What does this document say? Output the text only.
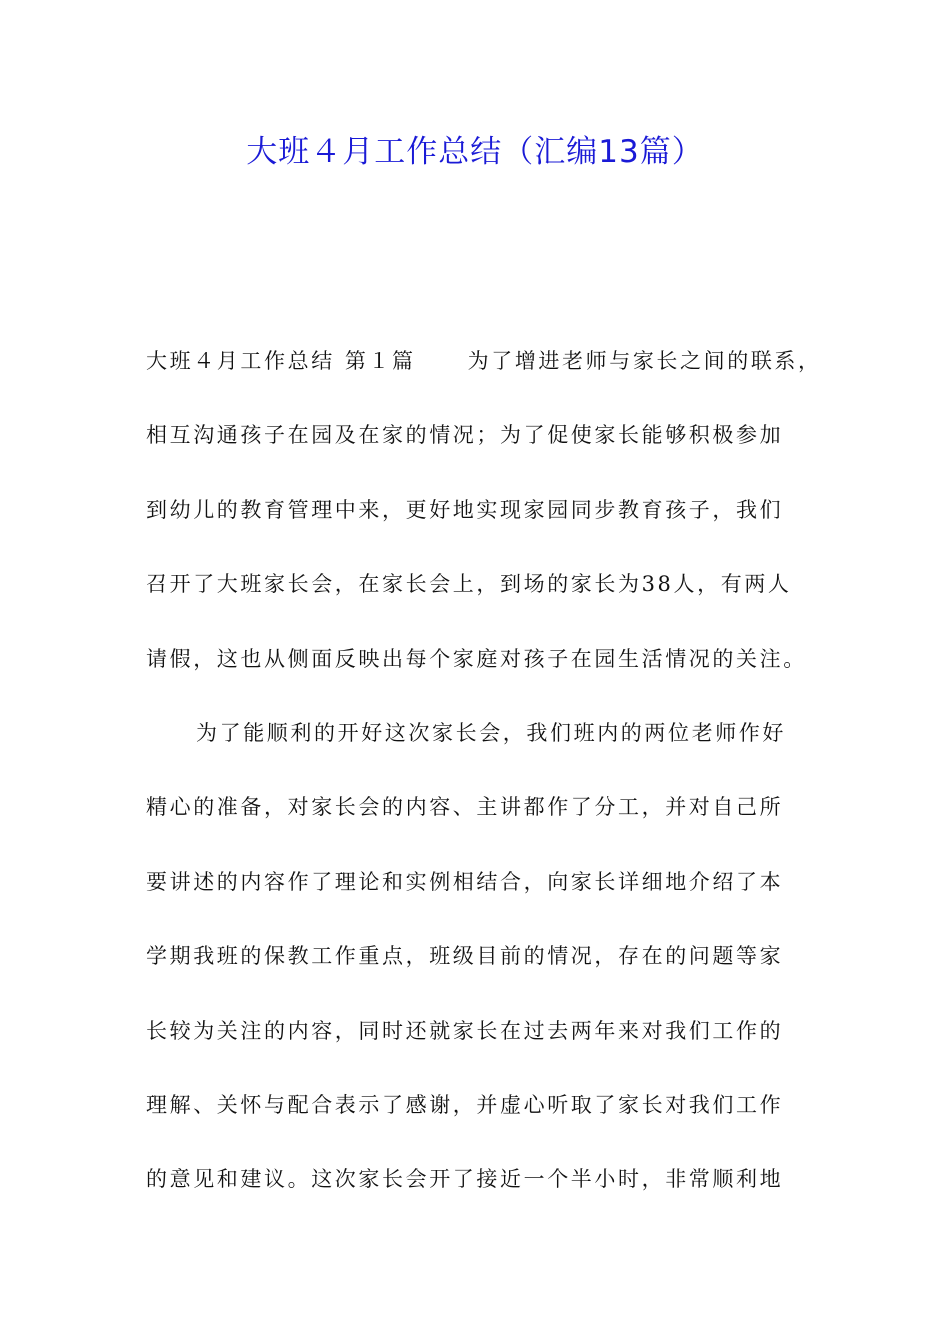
大班４月工作总结（汇编13篇）
大班４月工作总结 第１篇 为了增进老师与家长之间的联系，
相互沟通孩子在园及在家的情况；为了促使家长能够积极参加
到幼儿的教育管理中来，更好地实现家园同步教育孩子，我们
召开了大班家长会，在家长会上，到场的家长为38人，有两人
请假，这也从侧面反映出每个家庭对孩子在园生活情况的关注。
为了能顺利的开好这次家长会，我们班内的两位老师作好
精心的准备，对家长会的内容、主讲都作了分工，并对自己所
要讲述的内容作了理论和实例相结合，向家长详细地介绍了本
学期我班的保教工作重点，班级目前的情况，存在的问题等家
长较为关注的内容，同时还就家长在过去两年来对我们工作的
理解、关怀与配合表示了感谢，并虚心听取了家长对我们工作
的意见和建议。这次家长会开了接近一个半小时，非常顺利地
